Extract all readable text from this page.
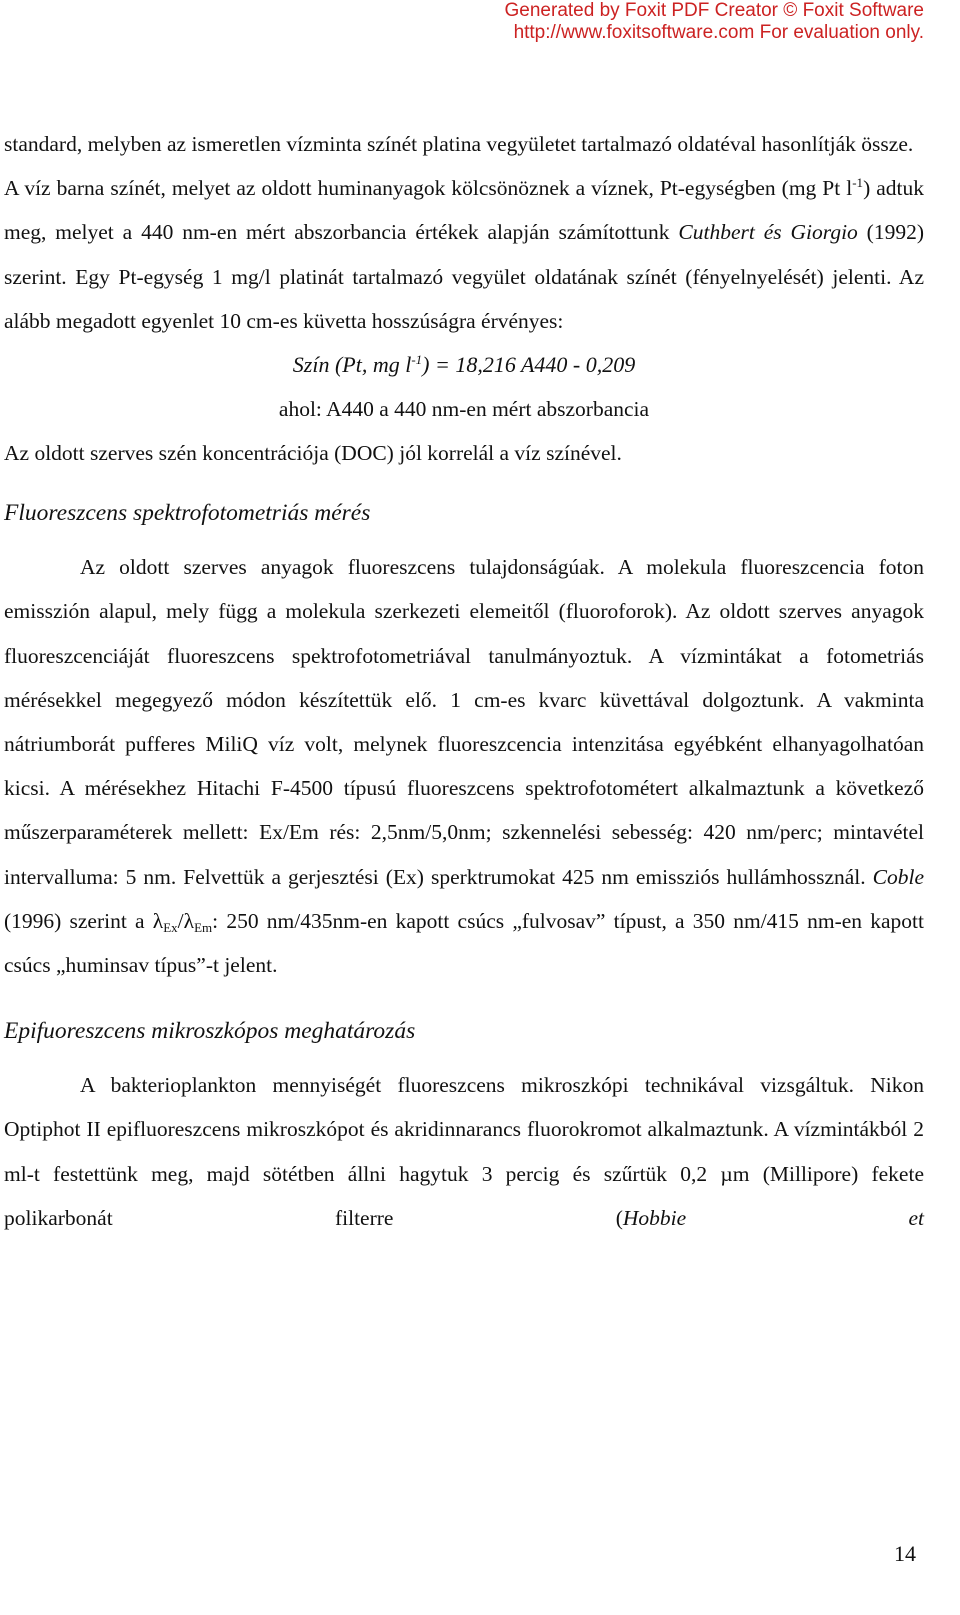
Generated by Foxit PDF Creator © Foxit Software
http://www.foxitsoftware.com For evaluation only.

standard, melyben az ismeretlen vízminta színét platina vegyületet tartalmazó oldatéval hasonlítják össze.

A víz barna színét, melyet az oldott huminanyagok kölcsönöznek a víznek, Pt-egységben (mg Pt $l^{-1}$) adtuk meg, melyet a 440 nm-en mért abszorbancia értékek alapján számítottunk Cuthbert és Giorgio (1992) szerint. Egy Pt-egység 1 mg/l platinát tartalmazó vegyület oldatának színét (fényelnyelését) jelenti. Az alább megadott egyenlet 10 cm-es küvetta hosszúságra érvényes:

Szín (Pt, mg $l^{-1}) = 18,216$ A440 - 0,209

ahol: A440 a 440 nm-en mért abszorbancia

Az oldott szerves szén koncentrációja (DOC) jól korrelál a víz színével.

Fluoreszcens spektrofotometriás mérés

Az oldott szerves anyagok fluoreszcens tulajdonságúak. A molekula fluoreszcencia foton emisszión alapul, mely függ a molekula szerkezeti elemeitől (fluoroforok). Az oldott szerves anyagok fluoreszcenciáját fluoreszcens spektrofotometriával tanulmányoztuk. A vízmintákat a fotometriás mérésekkel megegyező módon készítettük elő. 1 cm-es kvarc küvettával dolgoztunk. A vakminta nátriumborát pufferes MiliQ víz volt, melynek fluoreszcencia intenzitása egyébként elhanyagolhatóan kicsi. A mérésekhez Hitachi F-4500 típusú fluoreszcens spektrofotométert alkalmaztunk a következő műszerparaméterek mellett: Ex/Em rés: 2,5nm/5,0nm; szkennelési sebesség: 420 nm/perc; mintavétel intervalluma: 5 nm. Felvettük a gerjesztési (Ex) sperktrumokat 425 nm emissziós hullámhossznál. Coble (1996) szerint a $\lambda_{Ex}/\lambda_{Em}$: 250 nm/435nm-en kapott csúcs „fulvosav” típust, a 350 nm/415 nm-en kapott csúcs „huminsav típus”-t jelent.

Epifuoreszcens mikroszkópos meghatározás

A bakterioplankton mennyiségét fluoreszcens mikroszkópi technikával vizsgáltuk. Nikon Optiphot II epifluoreszcens mikroszkópot és akridinnarancs fluorokromot alkalmaztunk. A vízmintákból 2 ml-t festettünk meg, majd sötétben állni hagytuk 3 percig és szűrtük 0,2 µm (Millipore) fekete polikarbonát filterre (Hobbie et

14
